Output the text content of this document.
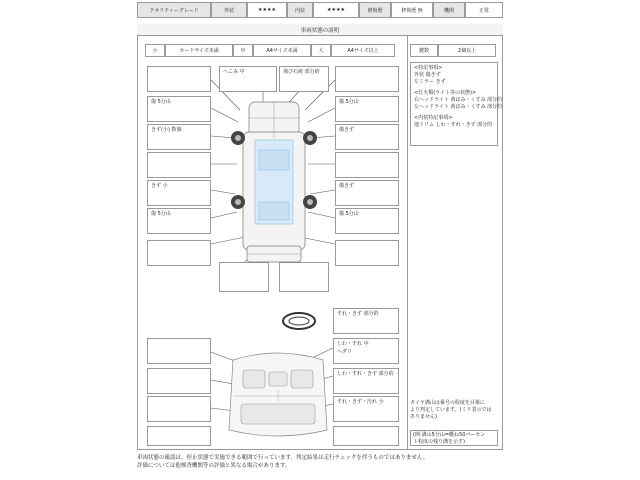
クオリティーグレード	外装	★★★★	内装	★★★★	修復歴	修復歴 無	機関	正常
車両状態の説明
小	カードサイズ未満	中	A4サイズ未満	大	A4サイズ以上	鍵数	2個以上
<特記事項>
外装 傷きず
左ミラー きず
<灯火類(ライト等の状態)>
右ヘッドライト 黄ばみ・くすみ 部分的
左ヘッドライト 黄ばみ・くすみ 部分的
<内装特記事項>
他ドリム しわ・すれ・きず 部分的
へこみ 中	飛び石痕 部分的
傷 5分山
きず(小) 数個
きず 小
傷 5分山
傷 5分山
傷きず
傷きず
傷 5分山
すれ・きず 部分的
しわ・すれ 中
へダリ
しわ・すれ・きず 部分的
すれ・きず・汚れ 小	タイヤ溝山は番号の程度を目視に
より判定しています。(ミリ表示では
ありません)
(例:溝山5分山=概ね50パーセン
ト程度の残り溝を示す)
車両状態の確認は、停止状態で実施できる範囲で行っています。判定結果は走行チェックを伴うものではありません。
評価については他検査機関等の評価と異なる場合があります。
